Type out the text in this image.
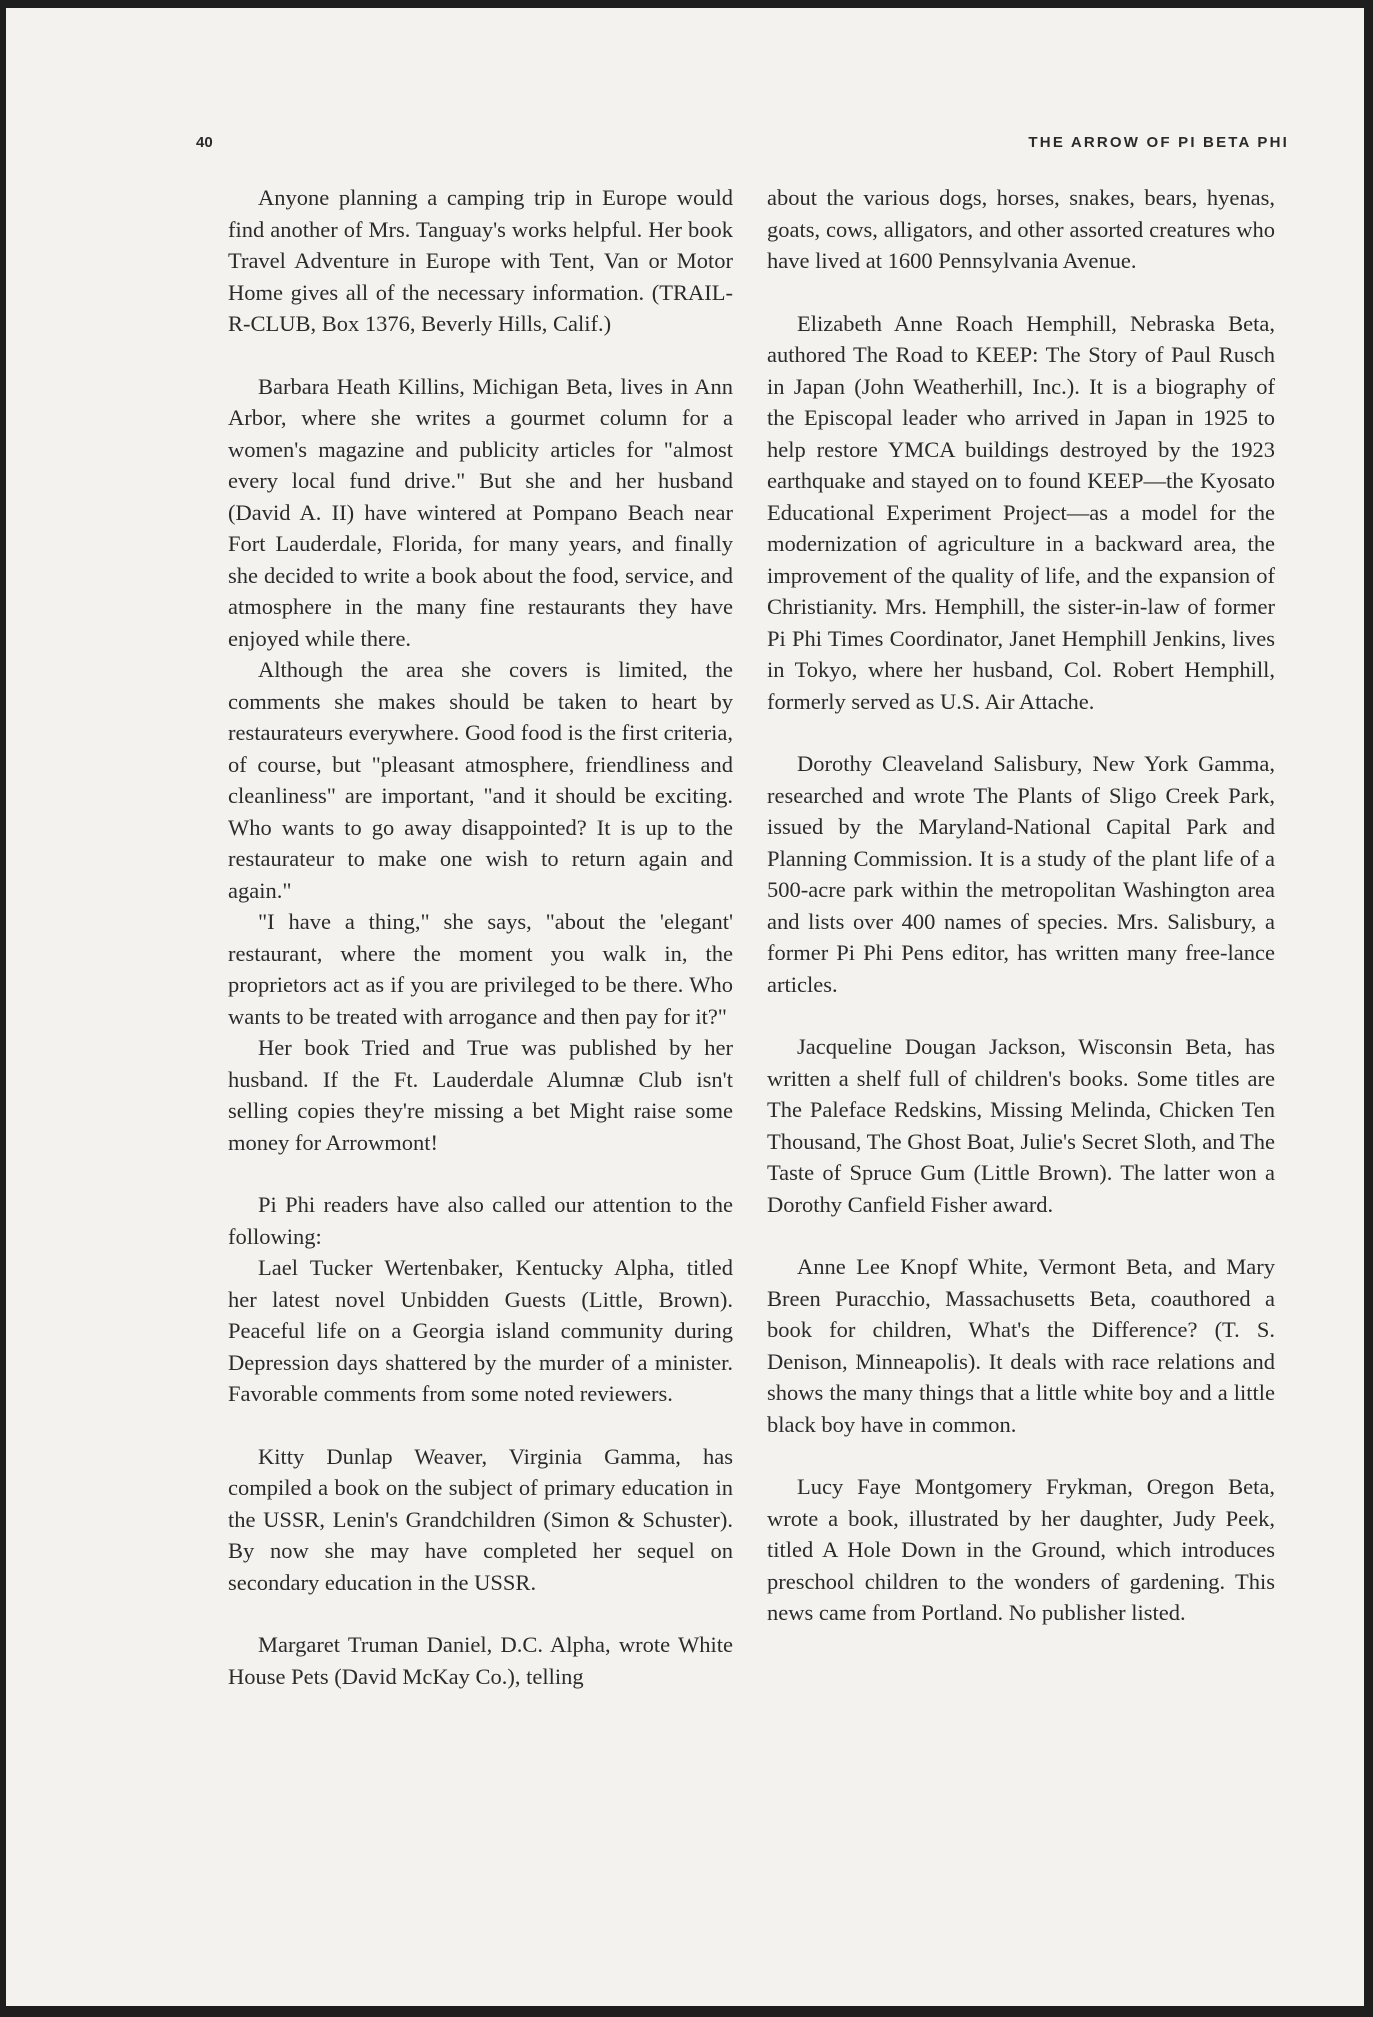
40	THE ARROW OF PI BETA PHI

Anyone planning a camping trip in Europe would find another of Mrs. Tanguay's works helpful. Her book Travel Adventure in Europe with Tent, Van or Motor Home gives all of the necessary information. (TRAIL-R-CLUB, Box 1376, Beverly Hills, Calif.)

Barbara Heath Killins, Michigan Beta, lives in Ann Arbor, where she writes a gourmet column for a women's magazine and publicity articles for "almost every local fund drive." But she and her husband (David A. II) have wintered at Pompano Beach near Fort Lauderdale, Florida, for many years, and finally she decided to write a book about the food, service, and atmosphere in the many fine restaurants they have enjoyed while there.

Although the area she covers is limited, the comments she makes should be taken to heart by restaurateurs everywhere. Good food is the first criteria, of course, but "pleasant atmosphere, friendliness and cleanliness" are important, "and it should be exciting. Who wants to go away disappointed? It is up to the restaurateur to make one wish to return again and again."

"I have a thing," she says, "about the 'elegant' restaurant, where the moment you walk in, the proprietors act as if you are privileged to be there. Who wants to be treated with arrogance and then pay for it?"

Her book Tried and True was published by her husband. If the Ft. Lauderdale Alumnæ Club isn't selling copies they're missing a bet Might raise some money for Arrowmont!

Pi Phi readers have also called our attention to the following:

Lael Tucker Wertenbaker, Kentucky Alpha, titled her latest novel Unbidden Guests (Little, Brown). Peaceful life on a Georgia island community during Depression days shattered by the murder of a minister. Favorable comments from some noted reviewers.

Kitty Dunlap Weaver, Virginia Gamma, has compiled a book on the subject of primary education in the USSR, Lenin's Grandchildren (Simon & Schuster). By now she may have completed her sequel on secondary education in the USSR.

Margaret Truman Daniel, D.C. Alpha, wrote White House Pets (David McKay Co.), telling

about the various dogs, horses, snakes, bears, hyenas, goats, cows, alligators, and other assorted creatures who have lived at 1600 Pennsylvania Avenue.

Elizabeth Anne Roach Hemphill, Nebraska Beta, authored The Road to KEEP: The Story of Paul Rusch in Japan (John Weatherhill, Inc.). It is a biography of the Episcopal leader who arrived in Japan in 1925 to help restore YMCA buildings destroyed by the 1923 earthquake and stayed on to found KEEP—the Kyosato Educational Experiment Project—as a model for the modernization of agriculture in a backward area, the improvement of the quality of life, and the expansion of Christianity. Mrs. Hemphill, the sister-in-law of former Pi Phi Times Coordinator, Janet Hemphill Jenkins, lives in Tokyo, where her husband, Col. Robert Hemphill, formerly served as U.S. Air Attache.

Dorothy Cleaveland Salisbury, New York Gamma, researched and wrote The Plants of Sligo Creek Park, issued by the Maryland-National Capital Park and Planning Commission. It is a study of the plant life of a 500-acre park within the metropolitan Washington area and lists over 400 names of species. Mrs. Salisbury, a former Pi Phi Pens editor, has written many free-lance articles.

Jacqueline Dougan Jackson, Wisconsin Beta, has written a shelf full of children's books. Some titles are The Paleface Redskins, Missing Melinda, Chicken Ten Thousand, The Ghost Boat, Julie's Secret Sloth, and The Taste of Spruce Gum (Little Brown). The latter won a Dorothy Canfield Fisher award.

Anne Lee Knopf White, Vermont Beta, and Mary Breen Puracchio, Massachusetts Beta, coauthored a book for children, What's the Difference? (T. S. Denison, Minneapolis). It deals with race relations and shows the many things that a little white boy and a little black boy have in common.

Lucy Faye Montgomery Frykman, Oregon Beta, wrote a book, illustrated by her daughter, Judy Peek, titled A Hole Down in the Ground, which introduces preschool children to the wonders of gardening. This news came from Portland. No publisher listed.
